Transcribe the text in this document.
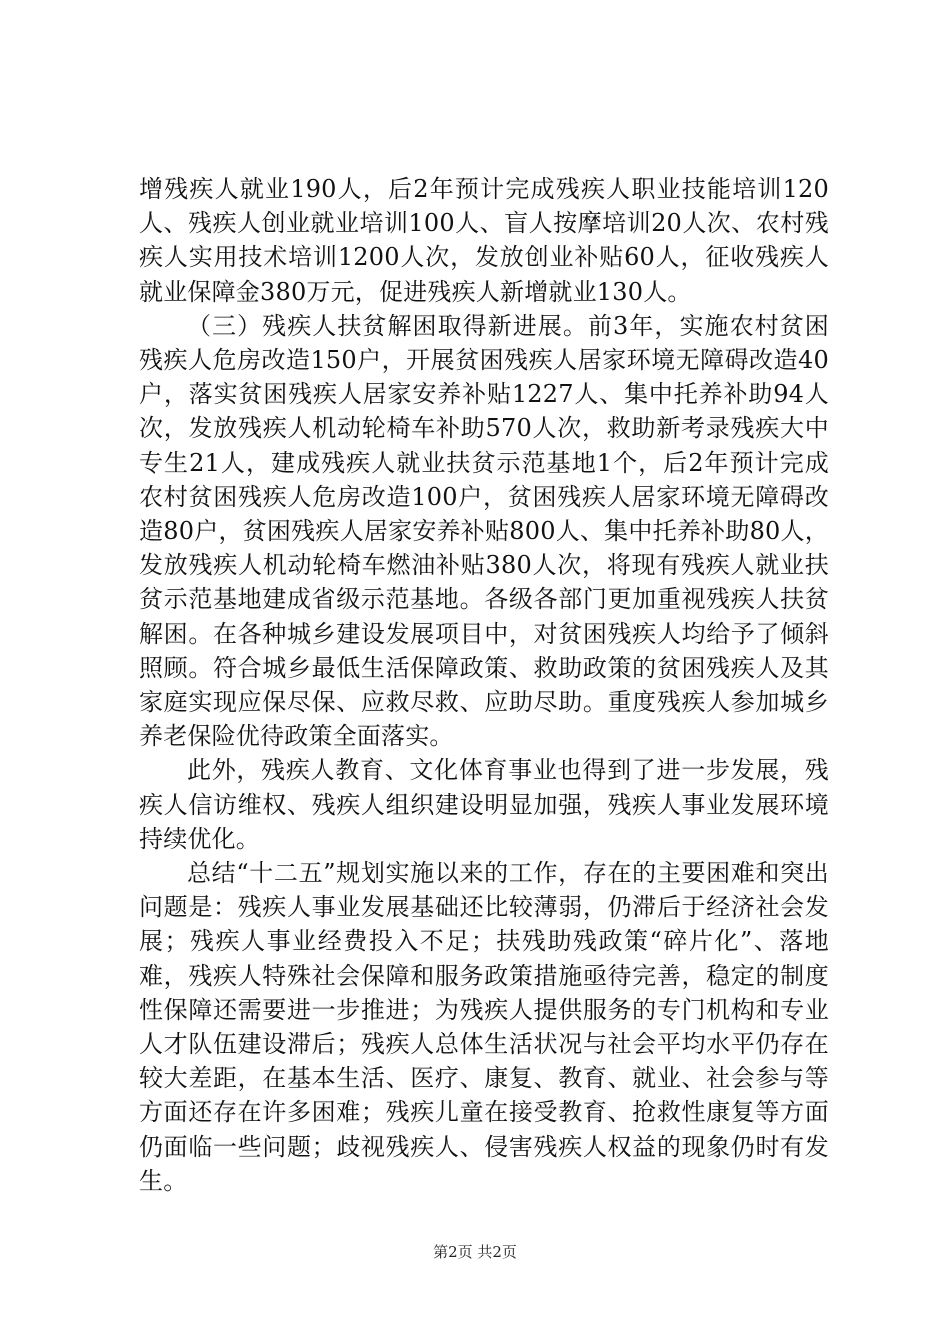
增残疾人就业190人，后2年预计完成残疾人职业技能培训120人、残疾人创业就业培训100人、盲人按摩培训20人次、农村残疾人实用技术培训1200人次，发放创业补贴60人，征收残疾人就业保障金380万元，促进残疾人新增就业130人。

（三）残疾人扶贫解困取得新进展。前3年，实施农村贫困残疾人危房改造150户，开展贫困残疾人居家环境无障碍改造40户，落实贫困残疾人居家安养补贴1227人、集中托养补助94人次，发放残疾人机动轮椅车补助570人次，救助新考录残疾大中专生21人，建成残疾人就业扶贫示范基地1个，后2年预计完成农村贫困残疾人危房改造100户，贫困残疾人居家环境无障碍改造80户，贫困残疾人居家安养补贴800人、集中托养补助80人，发放残疾人机动轮椅车燃油补贴380人次，将现有残疾人就业扶贫示范基地建成省级示范基地。各级各部门更加重视残疾人扶贫解困。在各种城乡建设发展项目中，对贫困残疾人均给予了倾斜照顾。符合城乡最低生活保障政策、救助政策的贫困残疾人及其家庭实现应保尽保、应救尽救、应助尽助。重度残疾人参加城乡养老保险优待政策全面落实。

此外，残疾人教育、文化体育事业也得到了进一步发展，残疾人信访维权、残疾人组织建设明显加强，残疾人事业发展环境持续优化。

总结“十二五”规划实施以来的工作，存在的主要困难和突出问题是：残疾人事业发展基础还比较薄弱，仍滞后于经济社会发展；残疾人事业经费投入不足；扶残助残政策“碎片化”、落地难，残疾人特殊社会保障和服务政策措施亟待完善，稳定的制度性保障还需要进一步推进；为残疾人提供服务的专门机构和专业人才队伍建设滞后；残疾人总体生活状况与社会平均水平仍存在较大差距，在基本生活、医疗、康复、教育、就业、社会参与等方面还存在许多困难；残疾儿童在接受教育、抢救性康复等方面仍面临一些问题；歧视残疾人、侵害残疾人权益的现象仍时有发生。

第2页 共2页
